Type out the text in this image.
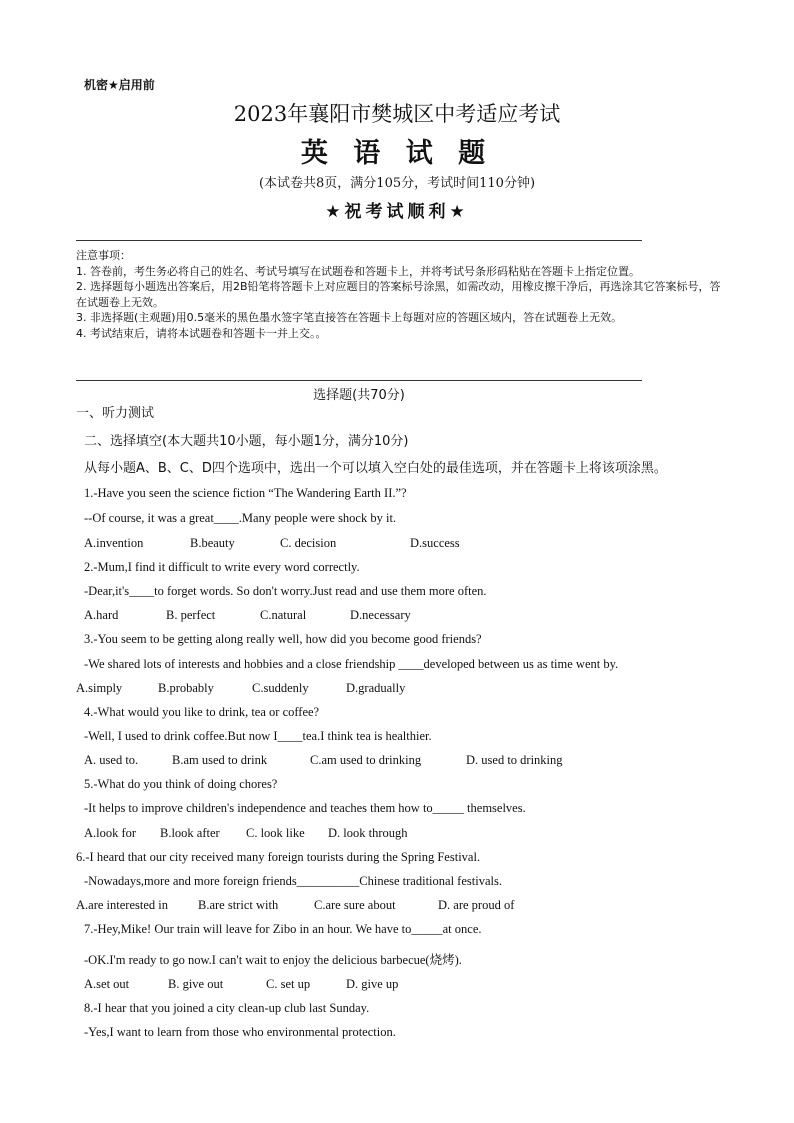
机密★启用前
2023年襄阳市樊城区中考适应考试
英 语 试 题
(本试卷共8页，满分105分，考试时间110分钟)
★祝考试顺利★
注意事项：
1. 答卷前，考生务必将自己的姓名、考试号填写在试题卷和答题卡上，并将考试号条形码粘贴在答题卡上指定位置。
2. 选择题每小题选出答案后，用2B铅笔将答题卡上对应题目的答案标号涂黑，如需改动，用橡皮擦干净后，再选涂其它答案标号，答在试题卷上无效。
3. 非选择题(主观题)用0.5毫米的黑色墨水签字笔直接答在答题卡上每题对应的答题区域内，答在试题卷上无效。
4. 考试结束后，请将本试题卷和答题卡一并上交。。
选择题(共70分)
一、听力测试
二、选择填空(本大题共10小题，每小题1分，满分10分)
从每小题A、B、C、D四个选项中，选出一个可以填入空白处的最佳选项，并在答题卡上将该项涂黑。
1.-Have you seen the science fiction “The Wandering Earth II.”?
--Of course, it was a great____.Many people were shock by it.
A.invention	B.beauty	C. decision	D.success
2.-Mum,I find it difficult to write every word correctly.
-Dear,it's____to forget words. So don't worry.Just read and use them more often.
A.hard	B. perfect	C.natural	D.necessary
3.-You seem to be getting along really well, how did you become good friends?
-We shared lots of interests and hobbies and a close friendship ____developed between us as time went by.
A.simply	B.probably	C.suddenly	D.gradually
4.-What would you like to drink, tea or coffee?
-Well, I used to drink coffee.But now I____tea.I think tea is healthier.
A. used to.	B.am used to drink	C.am used to drinking	D. used to drinking
5.-What do you think of doing chores?
-It helps to improve children's independence and teaches them how to_____ themselves.
A.look for B.look after C. look like D. look through
6.-I heard that our city received many foreign tourists during the Spring Festival.
-Nowadays,more and more foreign friends__________Chinese traditional festivals.
A.are interested in B.are strict with	C.are sure about	D. are proud of
7.-Hey,Mike! Our train will leave for Zibo in an hour. We have to_____at once.
-OK.I'm ready to go now.I can't wait to enjoy the delicious barbecue(烧烤).
A.set out	B. give out	C. set up	D. give up
8.-I hear that you joined a city clean-up club last Sunday.
-Yes,I want to learn from those who environmental protection.
